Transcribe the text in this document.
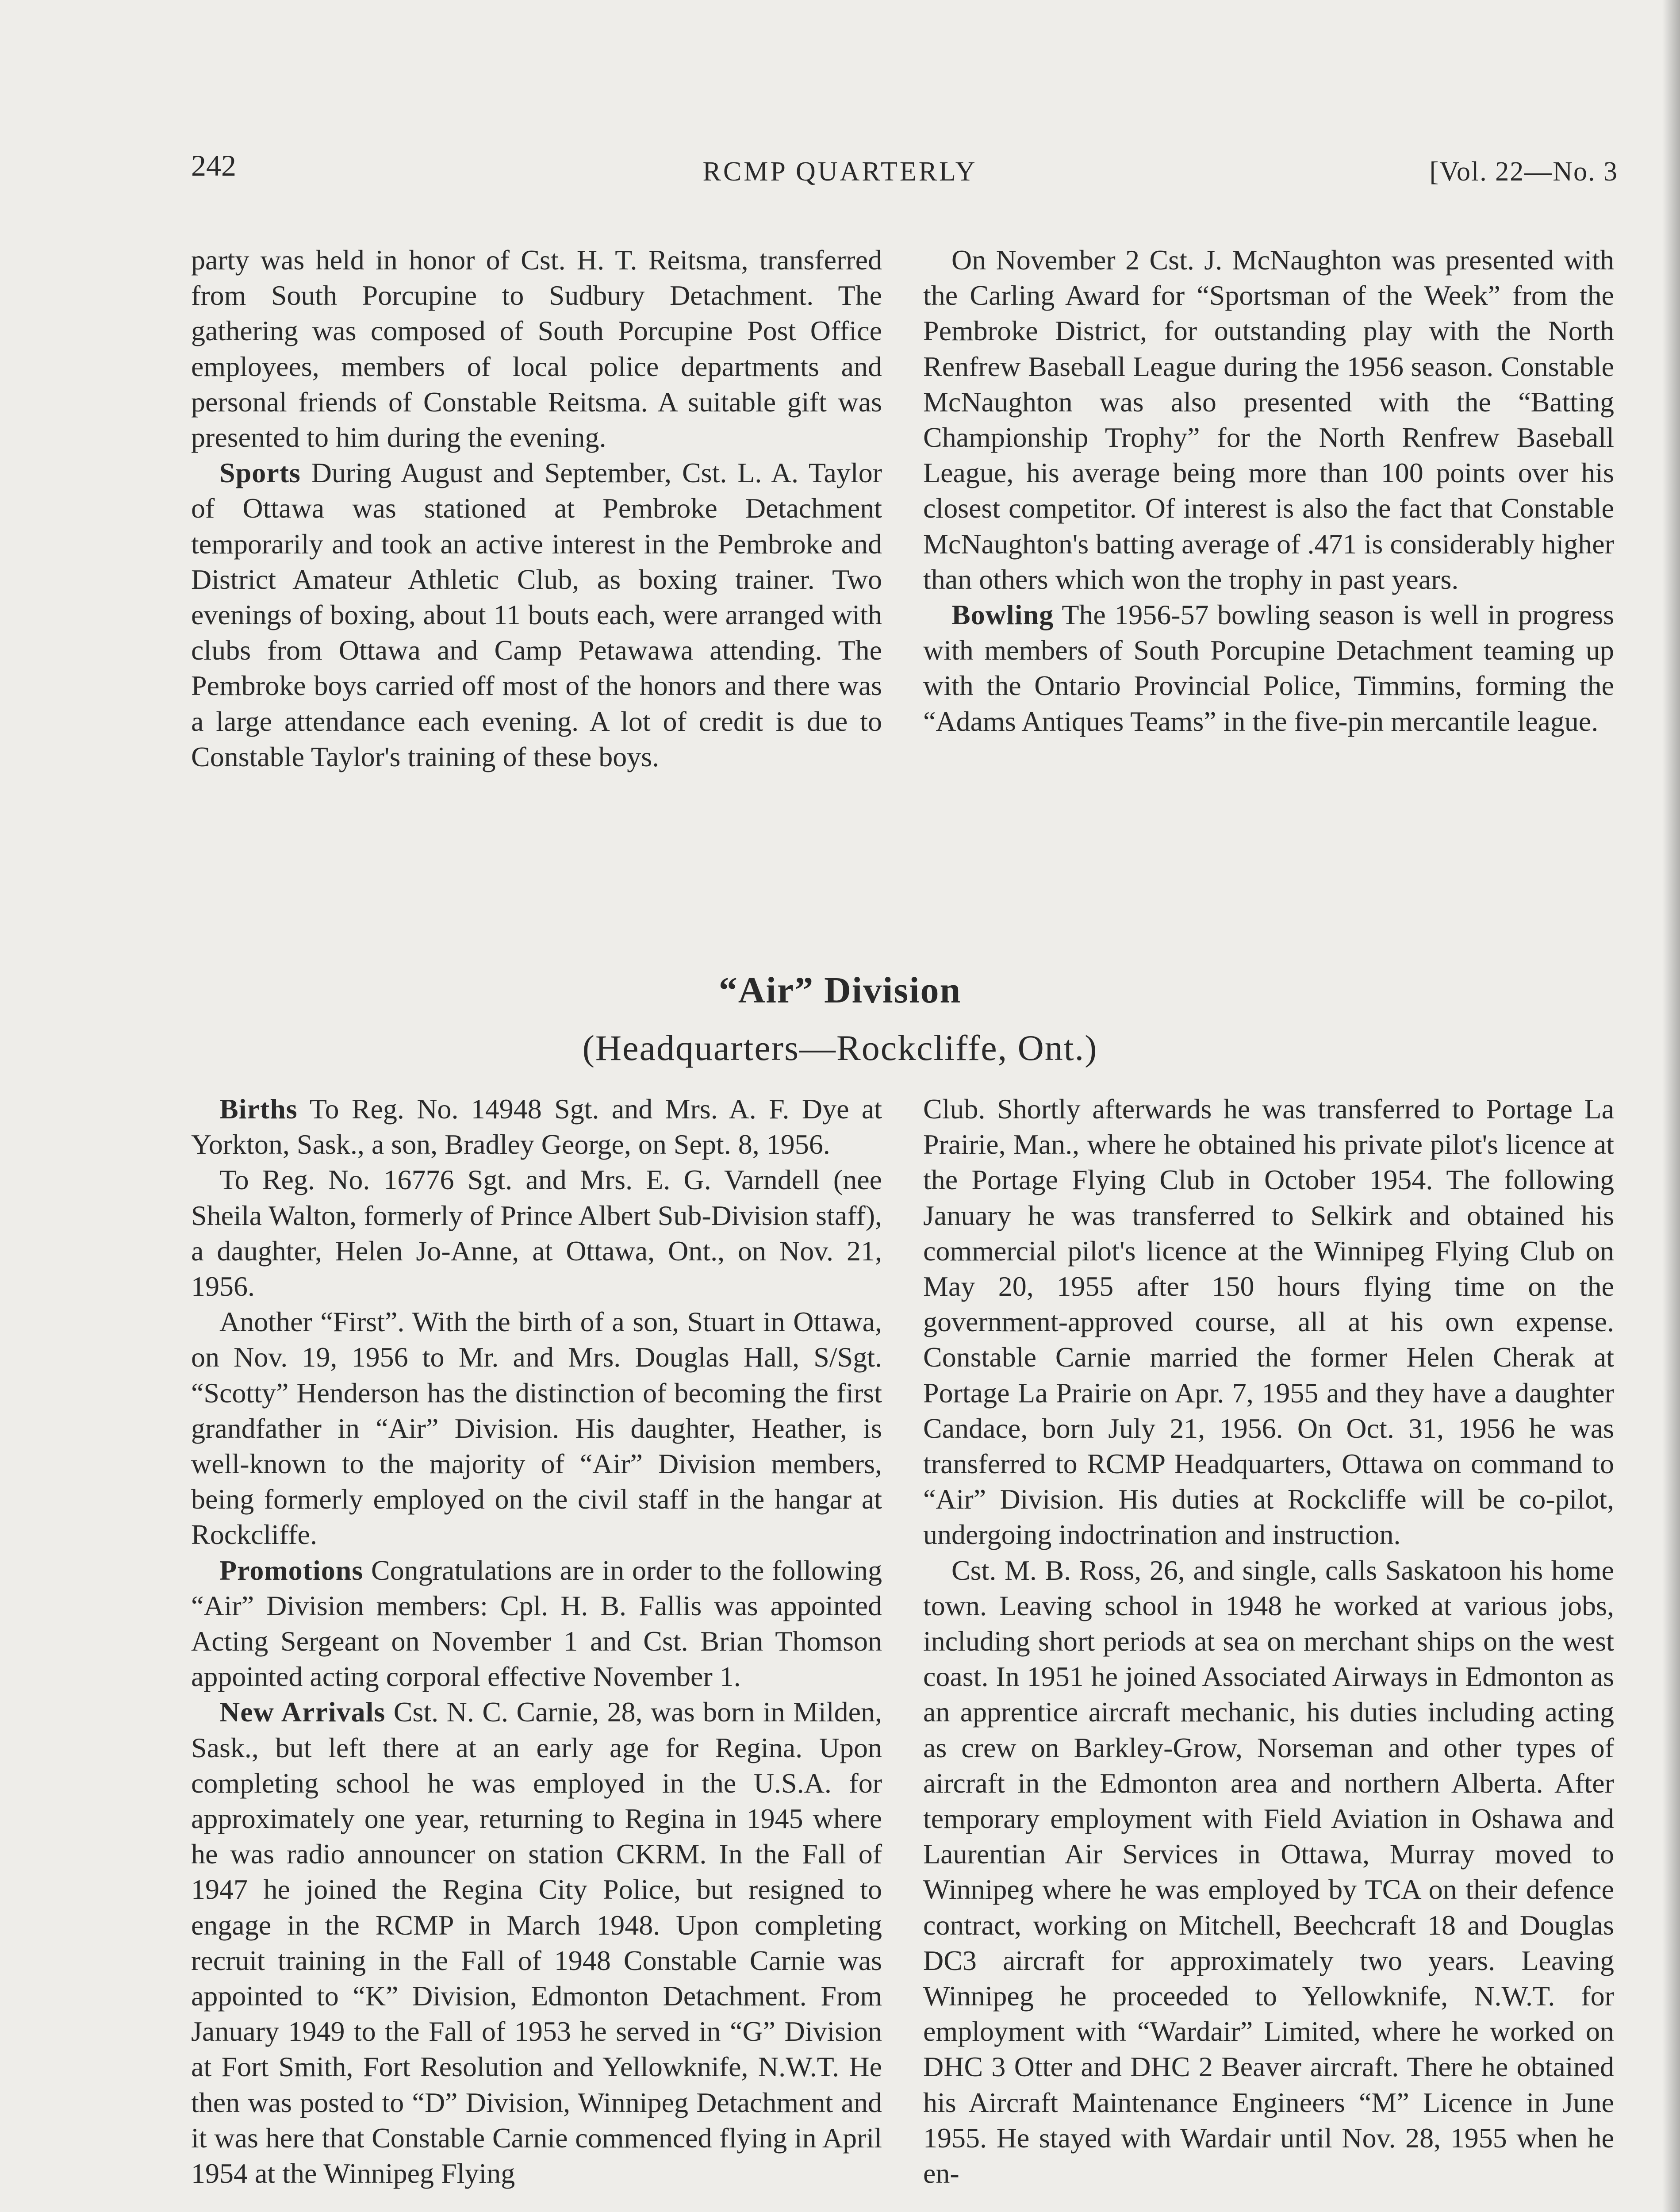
242	RCMP QUARTERLY	[Vol. 22—No. 3

party was held in honor of Cst. H. T. Reitsma, transferred from South Porcupine to Sudbury Detachment. The gathering was composed of South Porcupine Post Office employees, members of local police departments and personal friends of Constable Reitsma. A suitable gift was presented to him during the evening.

Sports During August and September, Cst. L. A. Taylor of Ottawa was stationed at Pembroke Detachment temporarily and took an active interest in the Pembroke and District Amateur Athletic Club, as boxing trainer. Two evenings of boxing, about 11 bouts each, were arranged with clubs from Ottawa and Camp Petawawa attending. The Pembroke boys carried off most of the honors and there was a large attendance each evening. A lot of credit is due to Constable Taylor's training of these boys.

On November 2 Cst. J. McNaughton was presented with the Carling Award for “Sportsman of the Week” from the Pembroke District, for outstanding play with the North Renfrew Baseball League during the 1956 season. Constable McNaughton was also presented with the “Batting Championship Trophy” for the North Renfrew Baseball League, his average being more than 100 points over his closest competitor. Of interest is also the fact that Constable McNaughton's batting average of .471 is considerably higher than others which won the trophy in past years.

Bowling The 1956-57 bowling season is well in progress with members of South Porcupine Detachment teaming up with the Ontario Provincial Police, Timmins, forming the “Adams Antiques Teams” in the five-pin mercantile league.

“Air” Division
(Headquarters—Rockcliffe, Ont.)

Births To Reg. No. 14948 Sgt. and Mrs. A. F. Dye at Yorkton, Sask., a son, Bradley George, on Sept. 8, 1956.

To Reg. No. 16776 Sgt. and Mrs. E. G. Varndell (nee Sheila Walton, formerly of Prince Albert Sub-Division staff), a daughter, Helen Jo-Anne, at Ottawa, Ont., on Nov. 21, 1956.

Another “First”. With the birth of a son, Stuart in Ottawa, on Nov. 19, 1956 to Mr. and Mrs. Douglas Hall, S/Sgt. “Scotty” Henderson has the distinction of becoming the first grandfather in “Air” Division. His daughter, Heather, is well-known to the majority of “Air” Division members, being formerly employed on the civil staff in the hangar at Rockcliffe.

Promotions Congratulations are in order to the following “Air” Division members: Cpl. H. B. Fallis was appointed Acting Sergeant on November 1 and Cst. Brian Thomson appointed acting corporal effective November 1.

New Arrivals Cst. N. C. Carnie, 28, was born in Milden, Sask., but left there at an early age for Regina. Upon completing school he was employed in the U.S.A. for approximately one year, returning to Regina in 1945 where he was radio announcer on station CKRM. In the Fall of 1947 he joined the Regina City Police, but resigned to engage in the RCMP in March 1948. Upon completing recruit training in the Fall of 1948 Constable Carnie was appointed to “K” Division, Edmonton Detachment. From January 1949 to the Fall of 1953 he served in “G” Division at Fort Smith, Fort Resolution and Yellowknife, N.W.T. He then was posted to “D” Division, Winnipeg Detachment and it was here that Constable Carnie commenced flying in April 1954 at the Winnipeg Flying

Club. Shortly afterwards he was transferred to Portage La Prairie, Man., where he obtained his private pilot's licence at the Portage Flying Club in October 1954. The following January he was transferred to Selkirk and obtained his commercial pilot's licence at the Winnipeg Flying Club on May 20, 1955 after 150 hours flying time on the government-approved course, all at his own expense. Constable Carnie married the former Helen Cherak at Portage La Prairie on Apr. 7, 1955 and they have a daughter Candace, born July 21, 1956. On Oct. 31, 1956 he was transferred to RCMP Headquarters, Ottawa on command to “Air” Division. His duties at Rockcliffe will be co-pilot, undergoing indoctrination and instruction.

Cst. M. B. Ross, 26, and single, calls Saskatoon his home town. Leaving school in 1948 he worked at various jobs, including short periods at sea on merchant ships on the west coast. In 1951 he joined Associated Airways in Edmonton as an apprentice aircraft mechanic, his duties including acting as crew on Barkley-Grow, Norseman and other types of aircraft in the Edmonton area and northern Alberta. After temporary employment with Field Aviation in Oshawa and Laurentian Air Services in Ottawa, Murray moved to Winnipeg where he was employed by TCA on their defence contract, working on Mitchell, Beechcraft 18 and Douglas DC3 aircraft for approximately two years. Leaving Winnipeg he proceeded to Yellowknife, N.W.T. for employment with “Wardair” Limited, where he worked on DHC 3 Otter and DHC 2 Beaver aircraft. There he obtained his Aircraft Maintenance Engineers “M” Licence in June 1955. He stayed with Wardair until Nov. 28, 1955 when he en-
